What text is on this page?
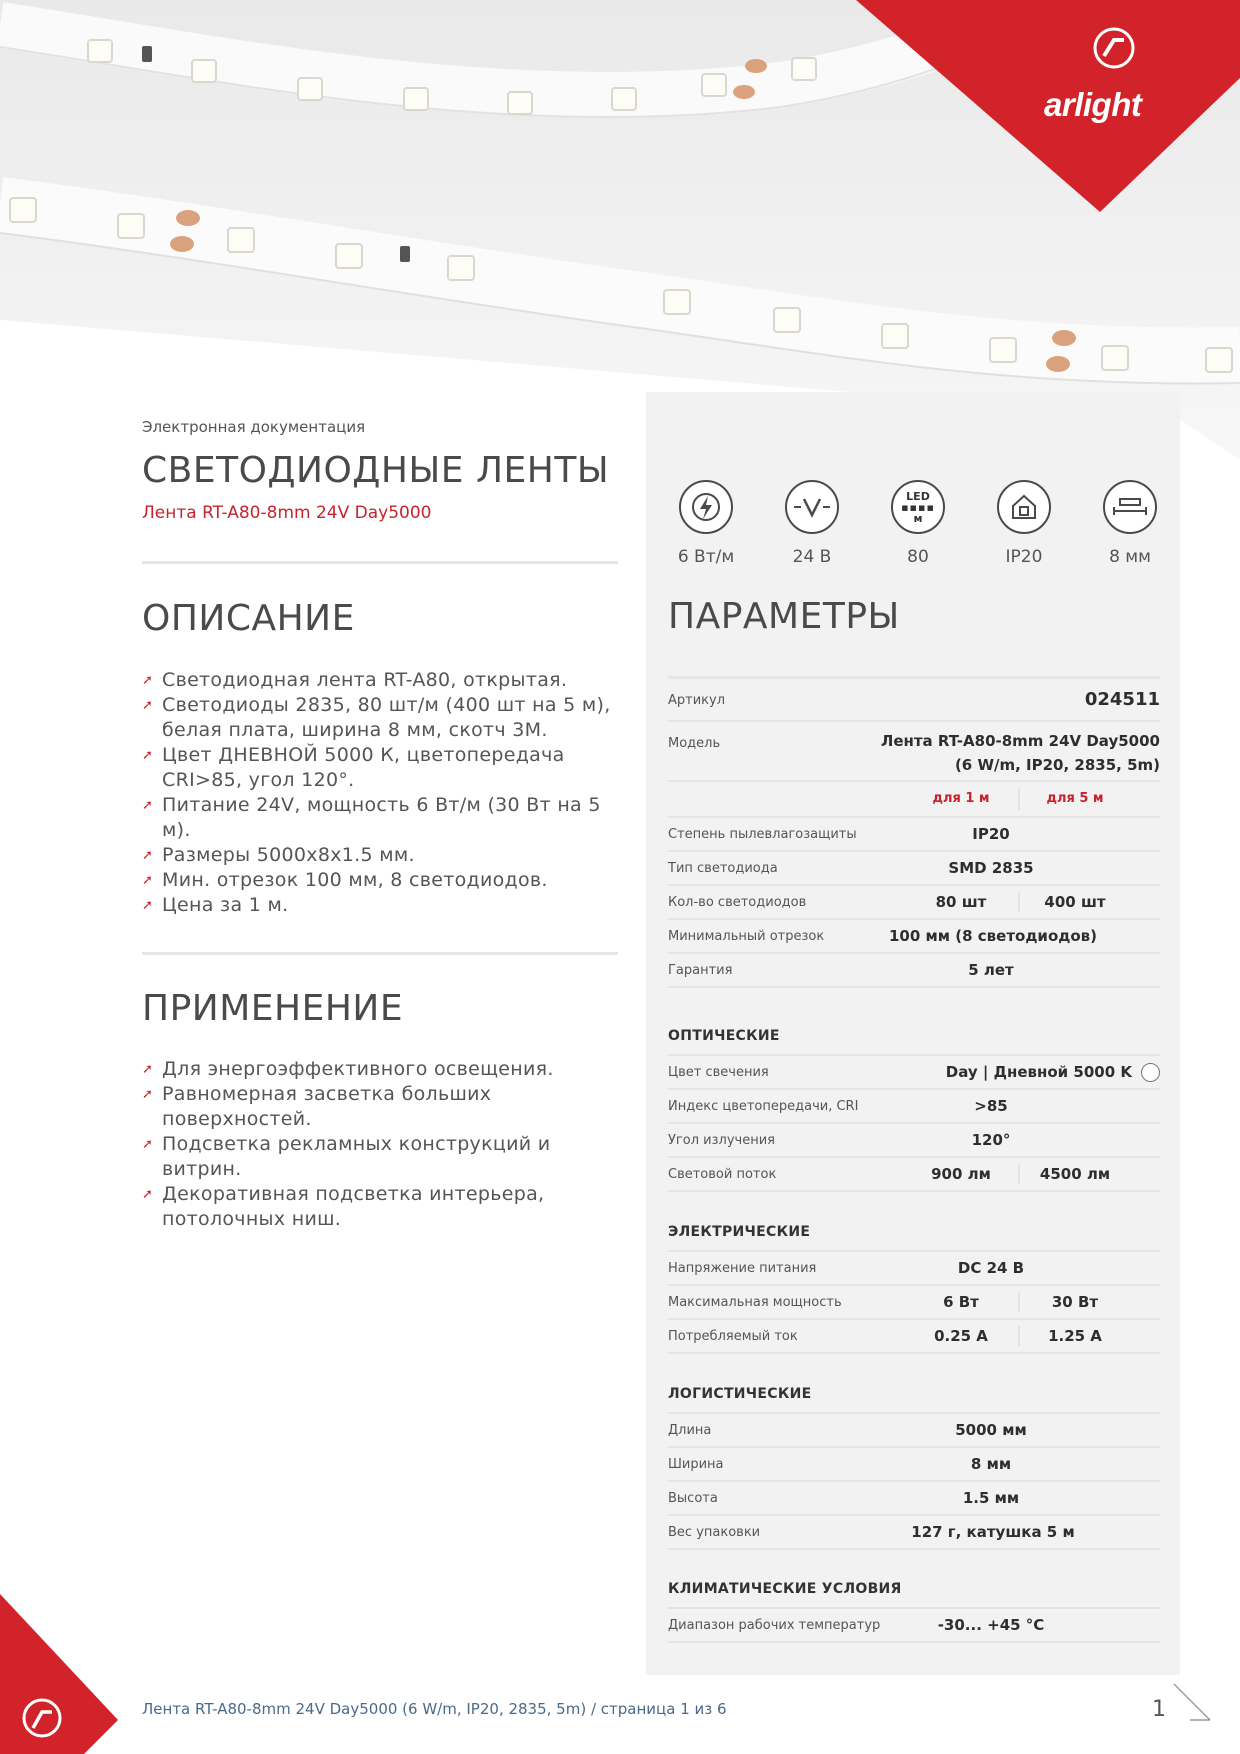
arlight
Электронная документация
СВЕТОДИОДНЫЕ ЛЕНТЫ
Лента RT-A80-8mm 24V Day5000
ОПИСАНИЕ
➚ Светодиодная лента RT-A80, открытая.
➚ Светодиоды 2835, 80 шт/м (400 шт на 5 м), белая плата, ширина 8 мм, скотч 3М.
➚ Цвет ДНЕВНОЙ 5000 К, цветопередача CRI>85, угол 120°.
➚ Питание 24V, мощность 6 Вт/м (30 Вт на 5 м).
➚ Размеры 5000x8x1.5 мм.
➚ Мин. отрезок 100 мм, 8 светодиодов.
➚ Цена за 1 м.
ПРИМЕНЕНИЕ
➚ Для энергоэффективного освещения.
➚ Равномерная засветка больших поверхностей.
➚ Подсветка рекламных конструкций и витрин.
➚ Декоративная подсветка интерьера, потолочных ниш.
6 Вт/м	24 В
LED
▪▪▪▪
м
80	IP20	8 мм
ПАРАМЕТРЫ
Артикул	024511
Модель	Лента RT-A80-8mm 24V Day5000
(6 W/m, IP20, 2835, 5m)
для 1 м	для 5 м
Степень пылевлагозащиты	IP20
Тип светодиода	SMD 2835
Кол-во светодиодов	80 шт	400 шт
Минимальный отрезок	100 мм (8 светодиодов)
Гарантия	5 лет
ОПТИЧЕСКИЕ
Цвет свечения	Day | Дневной 5000 K
Индекс цветопередачи, CRI	>85
Угол излучения	120°
Световой поток	900 лм	4500 лм
ЭЛЕКТРИЧЕСКИЕ
Напряжение питания	DC 24 B
Максимальная мощность	6 Вт	30 Вт
Потребляемый ток	0.25 A	1.25 A
ЛОГИСТИЧЕСКИЕ
Длина	5000 мм
Ширина	8 мм
Высота	1.5 мм
Вес упаковки	127 г, катушка 5 м
КЛИМАТИЧЕСКИЕ УСЛОВИЯ
Диапазон рабочих температур	-30... +45 °C
Лента RT-A80-8mm 24V Day5000 (6 W/m, IP20, 2835, 5m) / страница 1 из 6	1
